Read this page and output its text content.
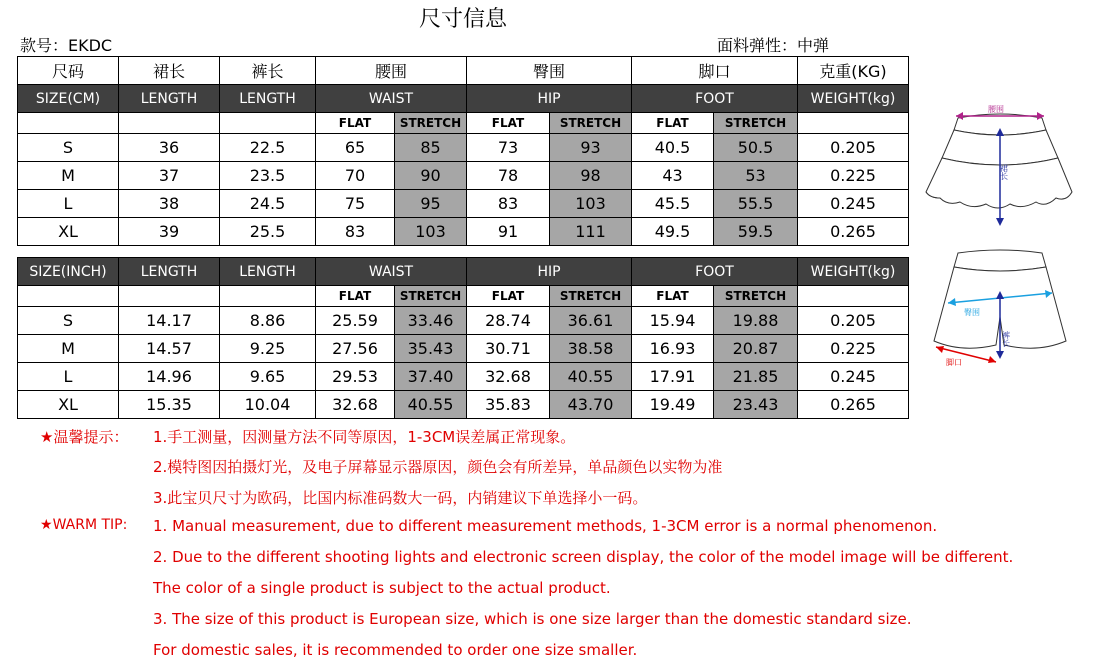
尺寸信息
款号：EKDC	面料弹性：中弹
尺码	裙长	裤长	腰围		臀围		脚口		克重(KG)
SIZE(CM)	LENGTH	LENGTH	WAIST		HIP		FOOT		WEIGHT(kg)
			FLAT	STRETCH	FLAT	STRETCH	FLAT	STRETCH	
S	36	22.5	65	85	73	93	40.5	50.5	0.205
M	37	23.5	70	90	78	98	43	53	0.225
L	38	24.5	75	95	83	103	45.5	55.5	0.245
XL	39	25.5	83	103	91	111	49.5	59.5	0.265
SIZE(INCH)	LENGTH	LENGTH	WAIST		HIP		FOOT		WEIGHT(kg)
			FLAT	STRETCH	FLAT	STRETCH	FLAT	STRETCH	
S	14.17	8.86	25.59	33.46	28.74	36.61	15.94	19.88	0.205
M	14.57	9.25	27.56	35.43	30.71	38.58	16.93	20.87	0.225
L	14.96	9.65	29.53	37.40	32.68	40.55	17.91	21.85	0.245
XL	15.35	10.04	32.68	40.55	35.83	43.70	19.49	23.43	0.265
腰围
裙长
臀围
裤长
脚口
★温馨提示： 1.手工测量，因测量方法不同等原因，1-3CM误差属正常现象。
2.模特图因拍摄灯光，及电子屏幕显示器原因，颜色会有所差异，单品颜色以实物为准
3.此宝贝尺寸为欧码，比国内标准码数大一码，内销建议下单选择小一码。
★WARM TIP: 1. Manual measurement, due to different measurement methods, 1-3CM error is a normal phenomenon.
2. Due to the different shooting lights and electronic screen display, the color of the model image will be different.
The color of a single product is subject to the actual product.
3. The size of this product is European size, which is one size larger than the domestic standard size.
For domestic sales, it is recommended to order one size smaller.
